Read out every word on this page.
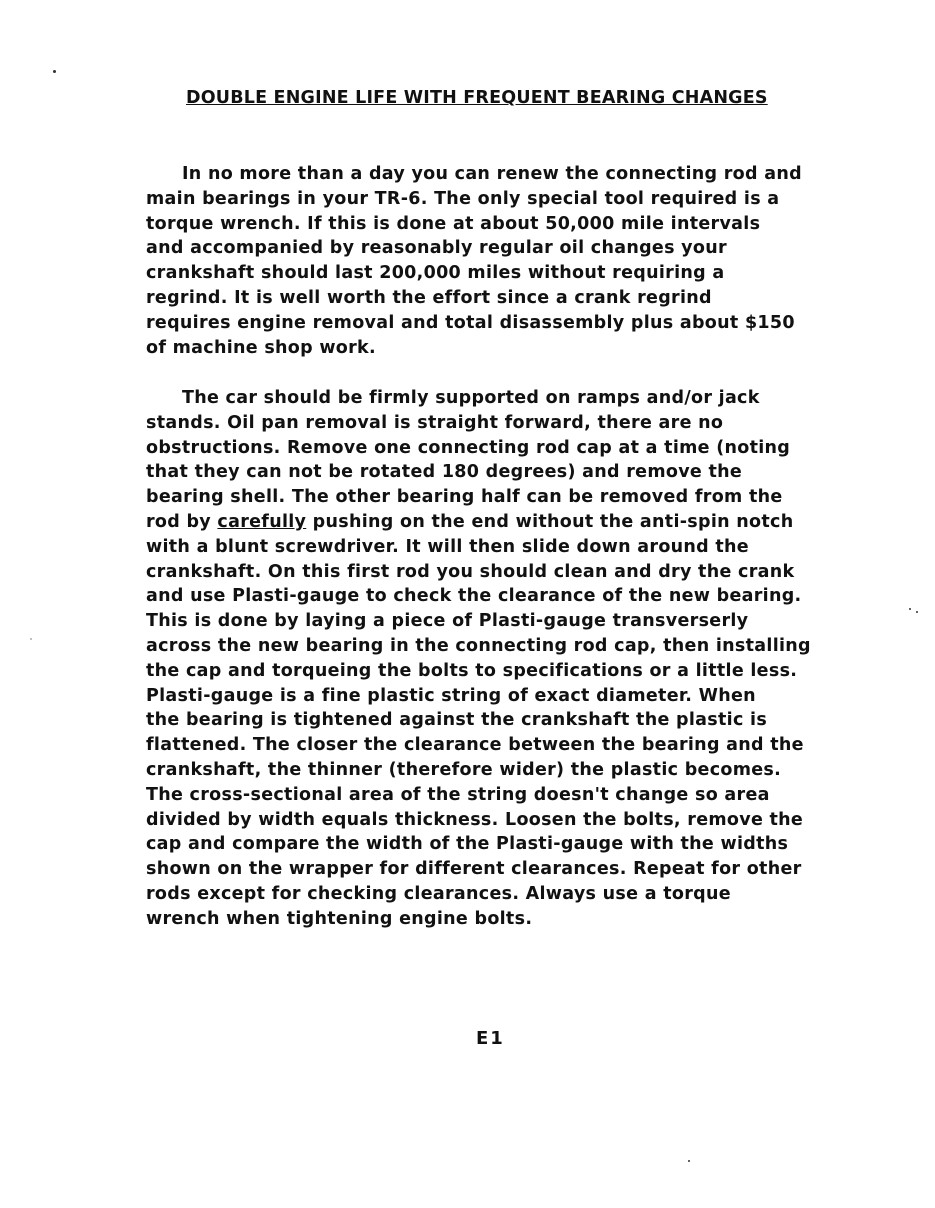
DOUBLE ENGINE LIFE WITH FREQUENT BEARING CHANGES
In no more than a day you can renew the connecting rod and
main bearings in your TR-6. The only special tool required is a
torque wrench. If this is done at about 50,000 mile intervals
and accompanied by reasonably regular oil changes your
crankshaft should last 200,000 miles without requiring a
regrind. It is well worth the effort since a crank regrind
requires engine removal and total disassembly plus about $150
of machine shop work.
The car should be firmly supported on ramps and/or jack
stands. Oil pan removal is straight forward, there are no
obstructions. Remove one connecting rod cap at a time (noting
that they can not be rotated 180 degrees) and remove the
bearing shell. The other bearing half can be removed from the
rod by carefully pushing on the end without the anti-spin notch
with a blunt screwdriver. It will then slide down around the
crankshaft. On this first rod you should clean and dry the crank
and use Plasti-gauge to check the clearance of the new bearing.
This is done by laying a piece of Plasti-gauge transverserly
across the new bearing in the connecting rod cap, then installing
the cap and torqueing the bolts to specifications or a little less.
Plasti-gauge is a fine plastic string of exact diameter. When
the bearing is tightened against the crankshaft the plastic is
flattened. The closer the clearance between the bearing and the
crankshaft, the thinner (therefore wider) the plastic becomes.
The cross-sectional area of the string doesn't change so area
divided by width equals thickness. Loosen the bolts, remove the
cap and compare the width of the Plasti-gauge with the widths
shown on the wrapper for different clearances. Repeat for other
rods except for checking clearances. Always use a torque
wrench when tightening engine bolts.
E1
